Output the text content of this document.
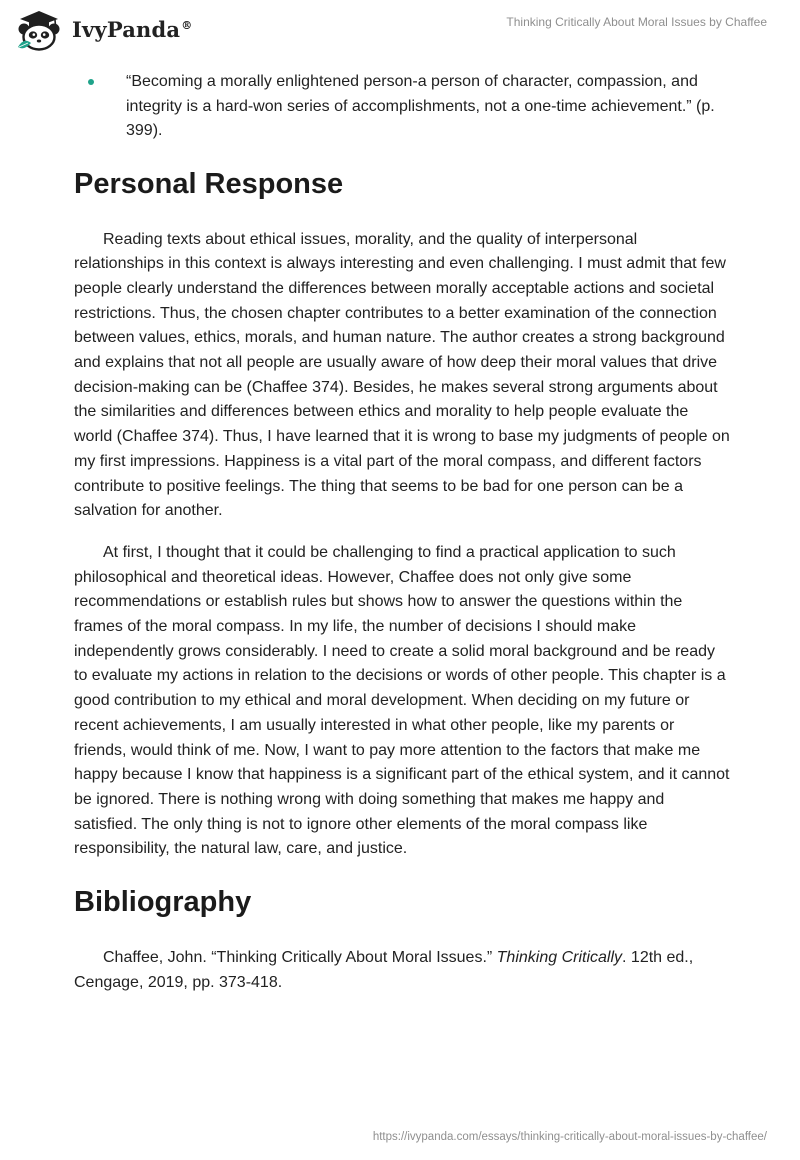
IvyPanda®	Thinking Critically About Moral Issues by Chaffee
“Becoming a morally enlightened person-a person of character, compassion, and integrity is a hard-won series of accomplishments, not a one-time achievement.” (p. 399).
Personal Response

Reading texts about ethical issues, morality, and the quality of interpersonal relationships in this context is always interesting and even challenging. I must admit that few people clearly understand the differences between morally acceptable actions and societal restrictions. Thus, the chosen chapter contributes to a better examination of the connection between values, ethics, morals, and human nature. The author creates a strong background and explains that not all people are usually aware of how deep their moral values that drive decision-making can be (Chaffee 374). Besides, he makes several strong arguments about the similarities and differences between ethics and morality to help people evaluate the world (Chaffee 374). Thus, I have learned that it is wrong to base my judgments of people on my first impressions. Happiness is a vital part of the moral compass, and different factors contribute to positive feelings. The thing that seems to be bad for one person can be a salvation for another.

At first, I thought that it could be challenging to find a practical application to such philosophical and theoretical ideas. However, Chaffee does not only give some recommendations or establish rules but shows how to answer the questions within the frames of the moral compass. In my life, the number of decisions I should make independently grows considerably. I need to create a solid moral background and be ready to evaluate my actions in relation to the decisions or words of other people. This chapter is a good contribution to my ethical and moral development. When deciding on my future or recent achievements, I am usually interested in what other people, like my parents or friends, would think of me. Now, I want to pay more attention to the factors that make me happy because I know that happiness is a significant part of the ethical system, and it cannot be ignored. There is nothing wrong with doing something that makes me happy and satisfied. The only thing is not to ignore other elements of the moral compass like responsibility, the natural law, care, and justice.

Bibliography

Chaffee, John. “Thinking Critically About Moral Issues.” Thinking Critically. 12th ed., Cengage, 2019, pp. 373-418.

https://ivypanda.com/essays/thinking-critically-about-moral-issues-by-chaffee/
